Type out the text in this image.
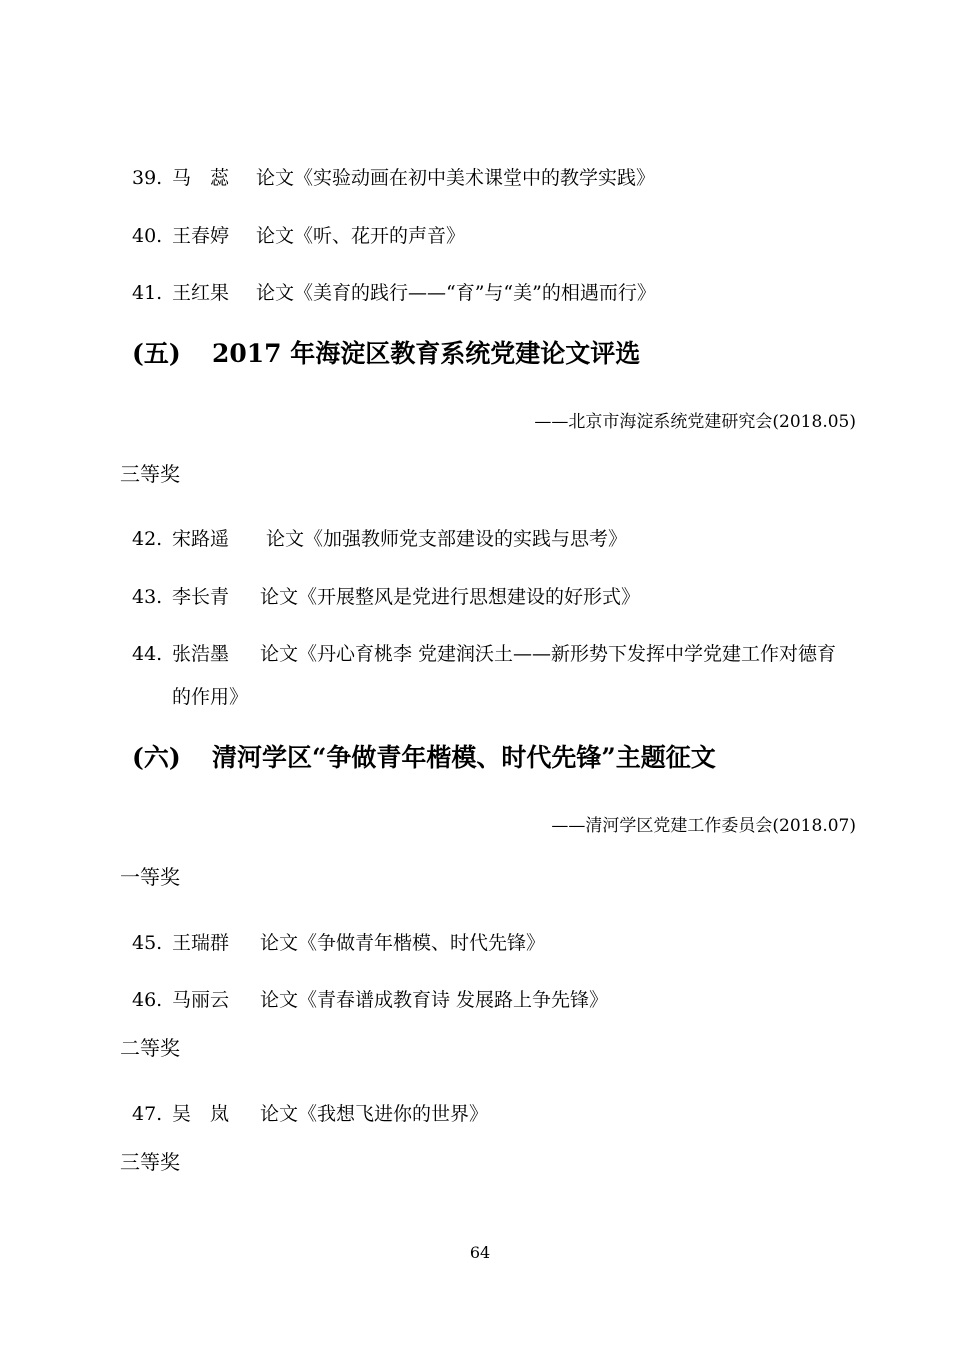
39. 马　蕊 论文 《实验动画在初中美术课堂中的教学实践》
40. 王春婷 论文 《听、花开的声音》
41. 王红果 论文 《美育的践行——“育”与“美”的相遇而行》
(五) 2017 年海淀区教育系统党建论文评选
——北京市海淀系统党建研究会(2018.05)
三等奖
42. 宋路遥 论文 《加强教师党支部建设的实践与思考》
43. 李长青 论文 《开展整风是党进行思想建设的好形式》
44. 张浩墨 论文 《丹心育桃李 党建润沃土——新形势下发挥中学党建工作对德育
的作用》
(六) 清河学区“争做青年楷模、时代先锋”主题征文
——清河学区党建工作委员会(2018.07)
一等奖
45. 王瑞群 论文 《争做青年楷模、时代先锋》
46. 马丽云 论文 《青春谱成教育诗 发展路上争先锋》
二等奖
47. 吴　岚 论文 《我想飞进你的世界》
三等奖
64
